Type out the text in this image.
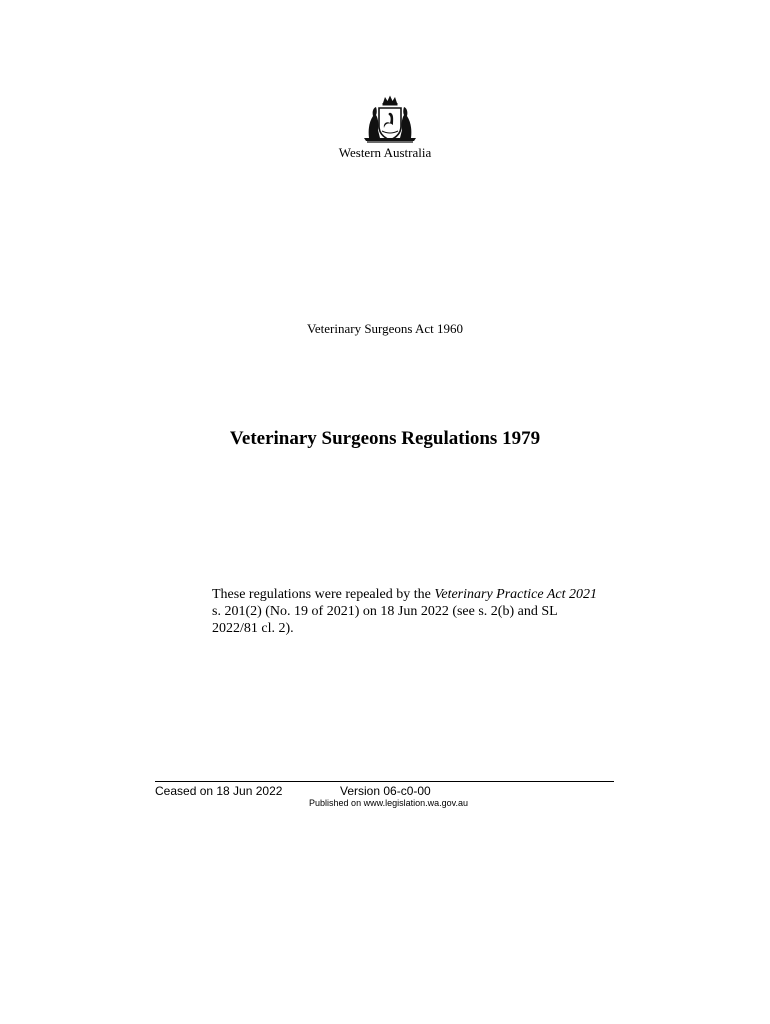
Western Australia
Veterinary Surgeons Act 1960
Veterinary Surgeons Regulations 1979

These regulations were repealed by the Veterinary Practice Act 2021 s. 201(2) (No. 19 of 2021) on 18 Jun 2022 (see s. 2(b) and SL 2022/81 cl. 2).

Ceased on 18 Jun 2022	Version 06-c0-00
Published on www.legislation.wa.gov.au
